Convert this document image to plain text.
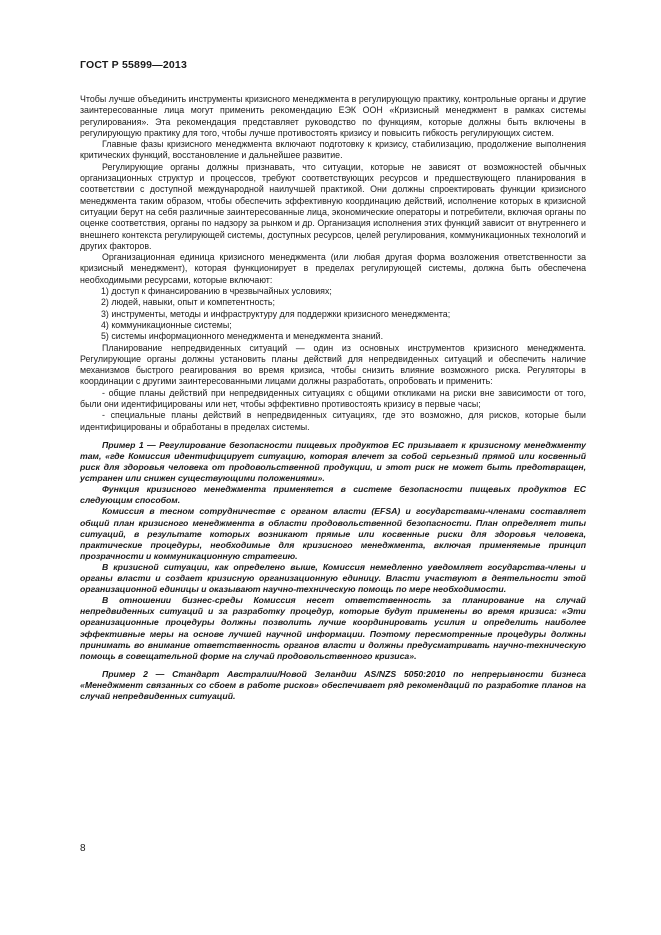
ГОСТ Р 55899—2013

Чтобы лучше объединить инструменты кризисного менеджмента в регулирующую практику, контрольные органы и другие заинтересованные лица могут применить рекомендацию ЕЭК ООН «Кризисный менеджмент в рамках системы регулирования». Эта рекомендация представляет руководство по функциям, которые должны быть включены в регулирующую практику для того, чтобы лучше противостоять кризису и повысить гибкость регулирующих систем.

Главные фазы кризисного менеджмента включают подготовку к кризису, стабилизацию, продолжение выполнения критических функций, восстановление и дальнейшее развитие.

Регулирующие органы должны признавать, что ситуации, которые не зависят от возможностей обычных организационных структур и процессов, требуют соответствующих ресурсов и предшествующего планирования в соответствии с доступной международной наилучшей практикой. Они должны спроектировать функции кризисного менеджмента таким образом, чтобы обеспечить эффективную координацию действий, исполнение которых в кризисной ситуации берут на себя различные заинтересованные лица, экономические операторы и потребители, включая органы по оценке соответствия, органы по надзору за рынком и др. Организация исполнения этих функций зависит от внутреннего и внешнего контекста регулирующей системы, доступных ресурсов, целей регулирования, коммуникационных технологий и других факторов.

Организационная единица кризисного менеджмента (или любая другая форма возложения ответственности за кризисный менеджмент), которая функционирует в пределах регулирующей системы, должна быть обеспечена необходимыми ресурсами, которые включают:

1) доступ к финансированию в чрезвычайных условиях;

2) людей, навыки, опыт и компетентность;

3) инструменты, методы и инфраструктуру для поддержки кризисного менеджмента;

4) коммуникационные системы;

5) системы информационного менеджмента и менеджмента знаний.

Планирование непредвиденных ситуаций — один из основных инструментов кризисного менеджмента. Регулирующие органы должны установить планы действий для непредвиденных ситуаций и обеспечить наличие механизмов быстрого реагирования во время кризиса, чтобы снизить влияние возможного риска. Регуляторы в координации с другими заинтересованными лицами должны разработать, опробовать и применить:

- общие планы действий при непредвиденных ситуациях с общими откликами на риски вне зависимости от того, были они идентифицированы или нет, чтобы эффективно противостоять кризису в первые часы;

- специальные планы действий в непредвиденных ситуациях, где это возможно, для рисков, которые были идентифицированы и обработаны в пределах системы.

Пример 1 — Регулирование безопасности пищевых продуктов ЕС призывает к кризисному менеджменту там, «где Комиссия идентифицирует ситуацию, которая влечет за собой серьезный прямой или косвенный риск для здоровья человека от продовольственной продукции, и этот риск не может быть предотвращен, устранен или снижен существующими положениями».

Функция кризисного менеджмента применяется в системе безопасности пищевых продуктов ЕС следующим способом.

Комиссия в тесном сотрудничестве с органом власти (EFSA) и государствами-членами составляет общий план кризисного менеджмента в области продовольственной безопасности. План определяет типы ситуаций, в результате которых возникают прямые или косвенные риски для здоровья человека, практические процедуры, необходимые для кризисного менеджмента, включая применяемые принцип прозрачности и коммуникационную стратегию.

В кризисной ситуации, как определено выше, Комиссия немедленно уведомляет государства-члены и органы власти и создает кризисную организационную единицу. Власти участвуют в деятельности этой организационной единицы и оказывают научно-техническую помощь по мере необходимости.

В отношении бизнес-среды Комиссия несет ответственность за планирование на случай непредвиденных ситуаций и за разработку процедур, которые будут применены во время кризиса: «Эти организационные процедуры должны позволить лучше координировать усилия и определить наиболее эффективные меры на основе лучшей научной информации. Поэтому пересмотренные процедуры должны принимать во внимание ответственность органов власти и должны предусматривать научно-техническую помощь в совещательной форме на случай продовольственного кризиса».

Пример 2 — Стандарт Австралии/Новой Зеландии AS/NZS 5050:2010 по непрерывности бизнеса «Менеджмент связанных со сбоем в работе рисков» обеспечивает ряд рекомендаций по разработке планов на случай непредвиденных ситуаций.

8
